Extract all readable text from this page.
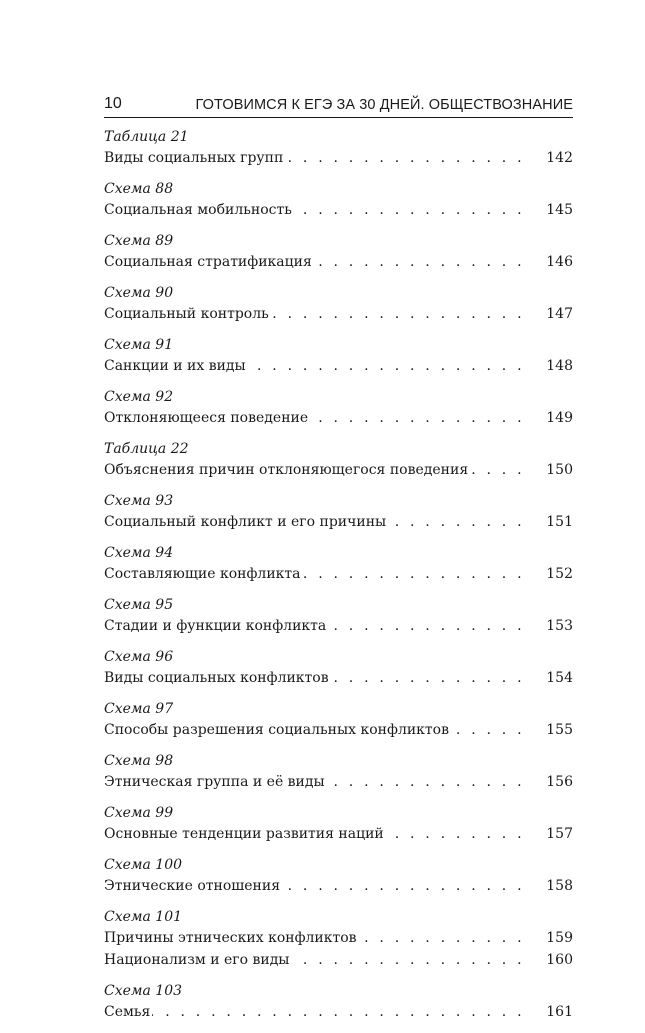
10	ГОТОВИМСЯ К ЕГЭ ЗА 30 ДНЕЙ. ОБЩЕСТВОЗНАНИЕ
Таблица 21
. . .
Виды социальных групп	142
Схема 88
. . .
Социальная мобильность	145
Схема 89
. . .
Социальная стратификация	146
Схема 90
. . .
Социальный контроль	147
Схема 91
. . .
Санкции и их виды	148
Схема 92
. . .
Отклоняющееся поведение	149
Таблица 22
. . .
Объяснения причин отклоняющегося поведения	150
Схема 93
. . .
Социальный конфликт и его причины	151
Схема 94
. . .
Составляющие конфликта	152
Схема 95
. . .
Стадии и функции конфликта	153
Схема 96
. . .
Виды социальных конфликтов	154
Схема 97
. . .
Способы разрешения социальных конфликтов	155
Схема 98
. . .
Этническая группа и её виды	156
Схема 99
. . .
Основные тенденции развития наций	157
Схема 100
. . .
Этнические отношения	158
Схема 101
. . .
Причины этнических конфликтов	159
. . .
Национализм и его виды	160
Схема 103
. . .
Семья	161
